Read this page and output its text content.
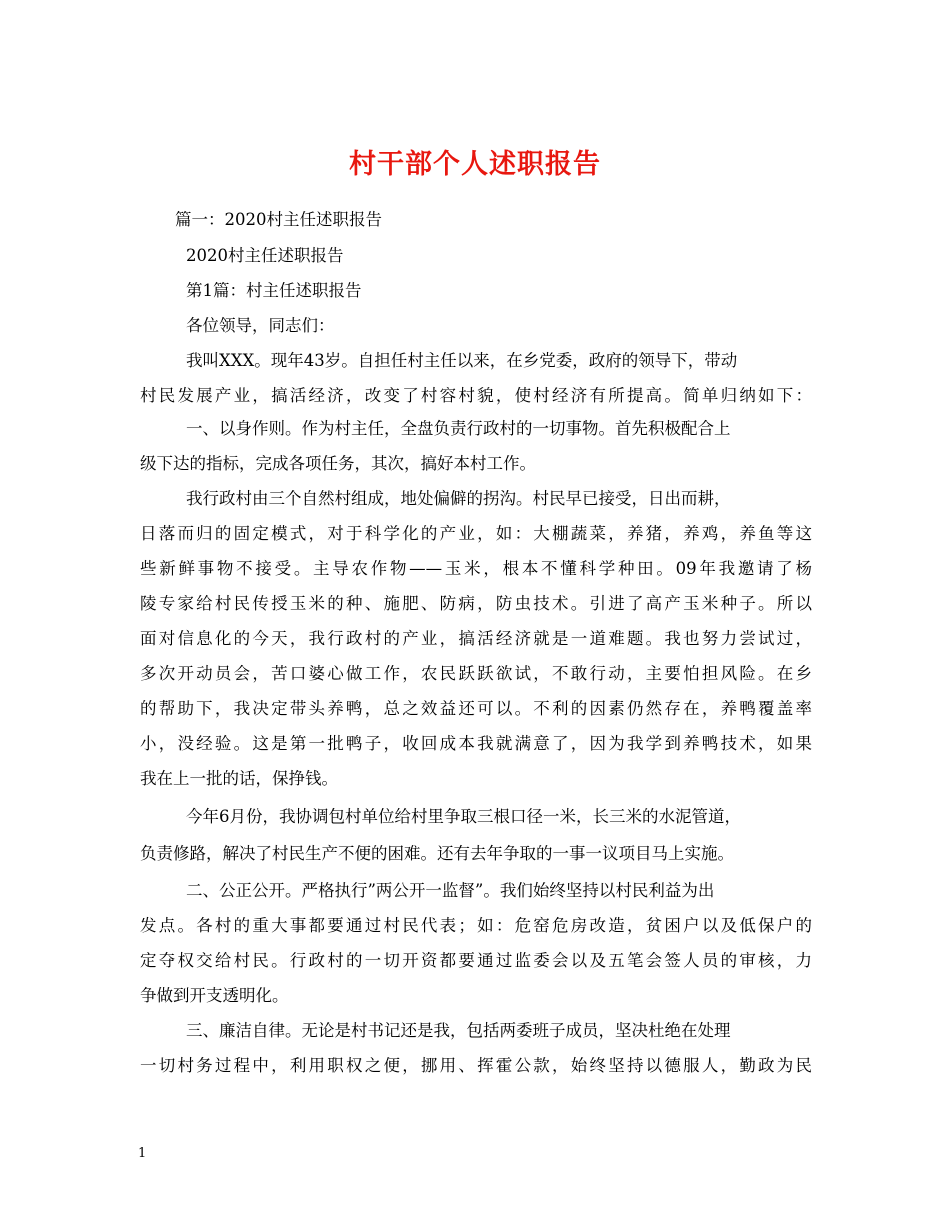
村干部个人述职报告

篇一：2020村主任述职报告

2020村主任述职报告

第1篇：村主任述职报告

各位领导，同志们：

我叫XXX。现年43岁。自担任村主任以来，在乡党委，政府的领导下，带动

村民发展产业，搞活经济，改变了村容村貌，使村经济有所提高。简单归纳如下：

一、以身作则。作为村主任，全盘负责行政村的一切事物。首先积极配合上

级下达的指标，完成各项任务，其次，搞好本村工作。

我行政村由三个自然村组成，地处偏僻的拐沟。村民早已接受，日出而耕，

日落而归的固定模式，对于科学化的产业，如：大棚蔬菜，养猪，养鸡，养鱼等这

些新鲜事物不接受。主导农作物——玉米，根本不懂科学种田。09年我邀请了杨

陵专家给村民传授玉米的种、施肥、防病，防虫技术。引进了高产玉米种子。所以

面对信息化的今天，我行政村的产业，搞活经济就是一道难题。我也努力尝试过，

多次开动员会，苦口婆心做工作，农民跃跃欲试，不敢行动，主要怕担风险。在乡

的帮助下，我决定带头养鸭，总之效益还可以。不利的因素仍然存在，养鸭覆盖率

小，没经验。这是第一批鸭子，收回成本我就满意了，因为我学到养鸭技术，如果

我在上一批的话，保挣钱。

今年6月份，我协调包村单位给村里争取三根口径一米，长三米的水泥管道，

负责修路，解决了村民生产不便的困难。还有去年争取的一事一议项目马上实施。

二、公正公开。严格执行”两公开一监督”。我们始终坚持以村民利益为出

发点。各村的重大事都要通过村民代表；如：危窑危房改造，贫困户以及低保户的

定夺权交给村民。行政村的一切开资都要通过监委会以及五笔会签人员的审核，力

争做到开支透明化。

三、廉洁自律。无论是村书记还是我，包括两委班子成员，坚决杜绝在处理

一切村务过程中，利用职权之便，挪用、挥霍公款，始终坚持以德服人，勤政为民

1
